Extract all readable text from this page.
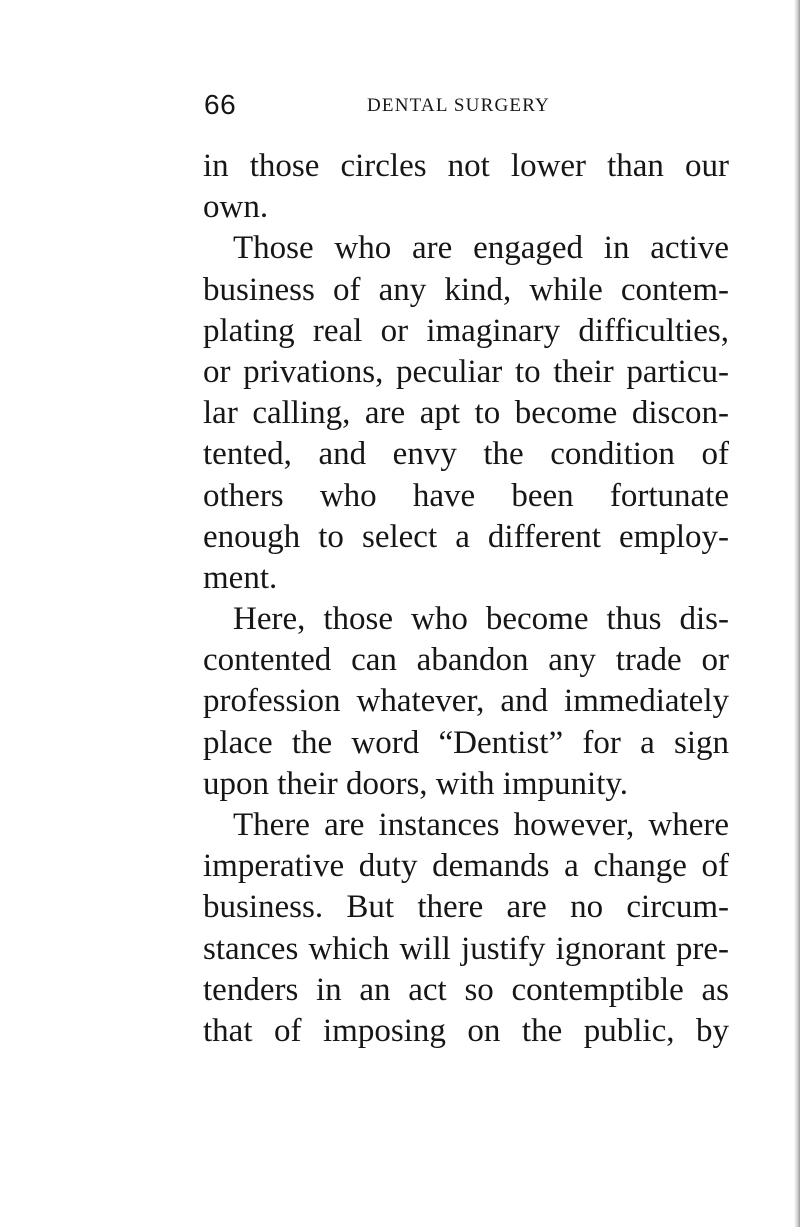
66	DENTAL SURGERY
in those circles not lower than our
own.
Those who are engaged in active
business of any kind, while contem-
plating real or imaginary difficulties,
or privations, peculiar to their particu-
lar calling, are apt to become discon-
tented, and envy the condition of
others who have been fortunate
enough to select a different employ-
ment.
Here, those who become thus dis-
contented can abandon any trade or
profession whatever, and immediately
place the word “Dentist” for a sign
upon their doors, with impunity.
There are instances however, where
imperative duty demands a change of
business. But there are no circum-
stances which will justify ignorant pre-
tenders in an act so contemptible as
that of imposing on the public, by
